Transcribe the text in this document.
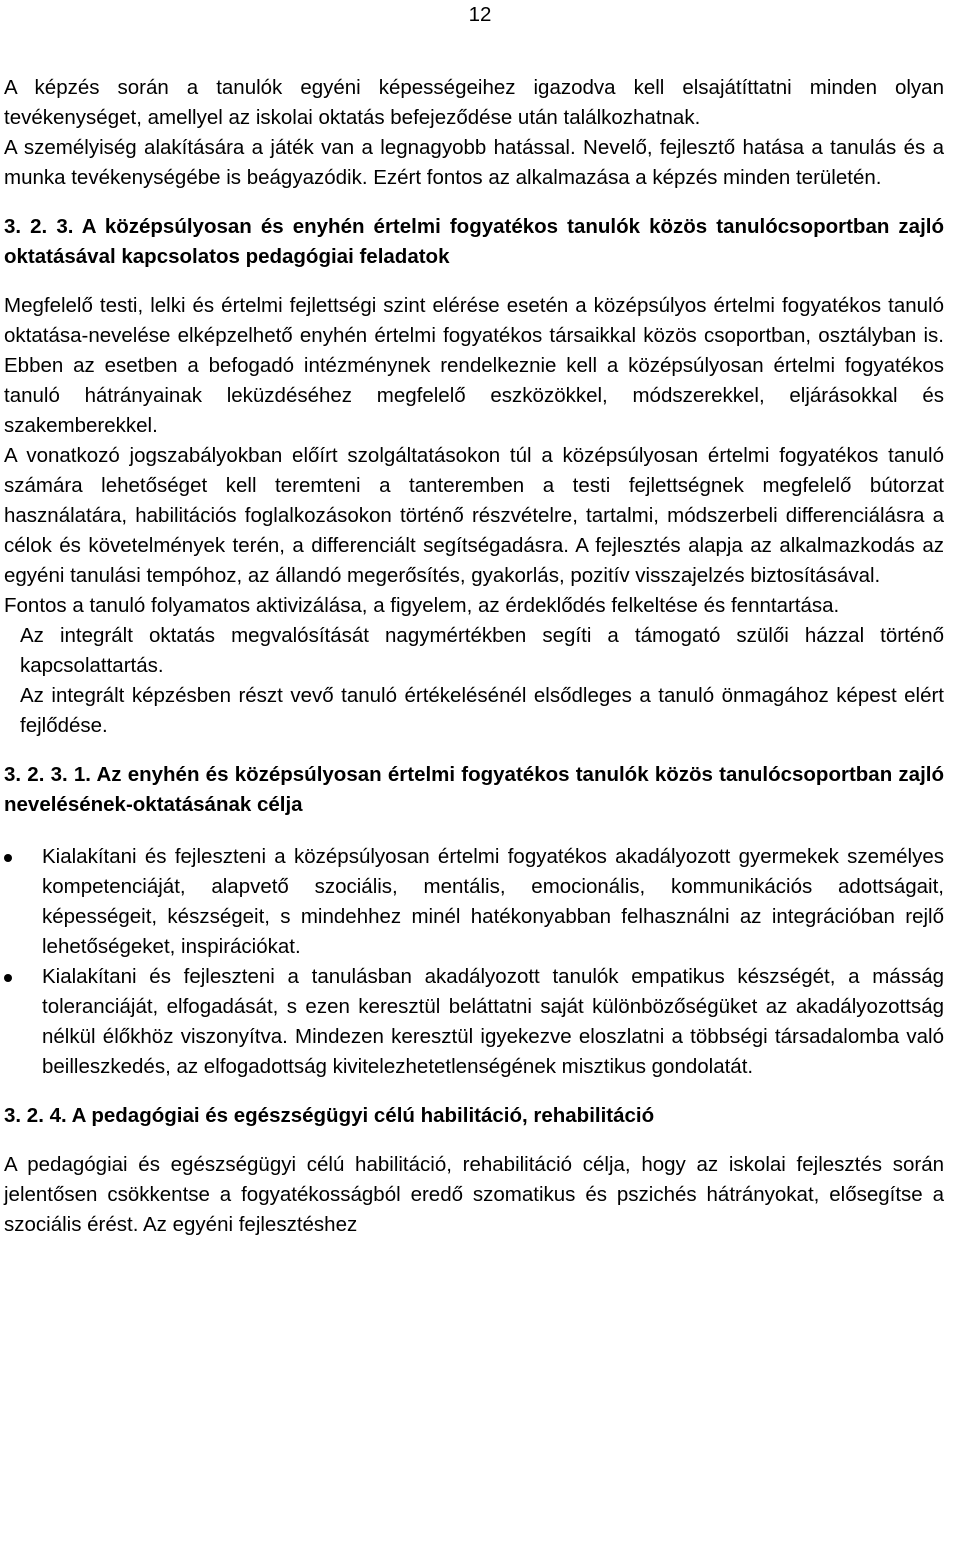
12

A képzés során a tanulók egyéni képességeihez igazodva kell elsajátíttatni minden olyan tevékenységet, amellyel az iskolai oktatás befejeződése után találkozhatnak.

A személyiség alakítására a játék van a legnagyobb hatással. Nevelő, fejlesztő hatása a tanulás és a munka tevékenységébe is beágyazódik. Ezért fontos az alkalmazása a képzés minden területén.

3. 2. 3. A középsúlyosan és enyhén értelmi fogyatékos tanulók közös tanulócsoportban zajló oktatásával kapcsolatos pedagógiai feladatok

Megfelelő testi, lelki és értelmi fejlettségi szint elérése esetén a középsúlyos értelmi fogyatékos tanuló oktatása-nevelése elképzelhető enyhén értelmi fogyatékos társaikkal közös csoportban, osztályban is. Ebben az esetben a befogadó intézménynek rendelkeznie kell a középsúlyosan értelmi fogyatékos tanuló hátrányainak leküzdéséhez megfelelő eszközökkel, módszerekkel, eljárásokkal és szakemberekkel.

A vonatkozó jogszabályokban előírt szolgáltatásokon túl a középsúlyosan értelmi fogyatékos tanuló számára lehetőséget kell teremteni a tanteremben a testi fejlettségnek megfelelő bútorzat használatára, habilitációs foglalkozásokon történő részvételre, tartalmi, módszerbeli differenciálásra a célok és követelmények terén, a differenciált segítségadásra. A fejlesztés alapja az alkalmazkodás az egyéni tanulási tempóhoz, az állandó megerősítés, gyakorlás, pozitív visszajelzés biztosításával.

Fontos a tanuló folyamatos aktivizálása, a figyelem, az érdeklődés felkeltése és fenntartása.

Az integrált oktatás megvalósítását nagymértékben segíti a támogató szülői házzal történő kapcsolattartás.

Az integrált képzésben részt vevő tanuló értékelésénél elsődleges a tanuló önmagához képest elért fejlődése.

3. 2. 3. 1. Az enyhén és középsúlyosan értelmi fogyatékos tanulók közös tanulócsoportban zajló nevelésének-oktatásának célja
Kialakítani és fejleszteni a középsúlyosan értelmi fogyatékos akadályozott gyermekek személyes kompetenciáját, alapvető szociális, mentális, emocionális, kommunikációs adottságait, képességeit, készségeit, s mindehhez minél hatékonyabban felhasználni az integrációban rejlő lehetőségeket, inspirációkat.
Kialakítani és fejleszteni a tanulásban akadályozott tanulók empatikus készségét, a másság toleranciáját, elfogadását, s ezen keresztül beláttatni saját különbözőségüket az akadályozottság nélkül élőkhöz viszonyítva. Mindezen keresztül igyekezve eloszlatni a többségi társadalomba való beilleszkedés, az elfogadottság kivitelezhetetlenségének misztikus gondolatát.
3. 2. 4. A pedagógiai és egészségügyi célú habilitáció, rehabilitáció

A pedagógiai és egészségügyi célú habilitáció, rehabilitáció célja, hogy az iskolai fejlesztés során jelentősen csökkentse a fogyatékosságból eredő szomatikus és pszichés hátrányokat, elősegítse a szociális érést. Az egyéni fejlesztéshez
